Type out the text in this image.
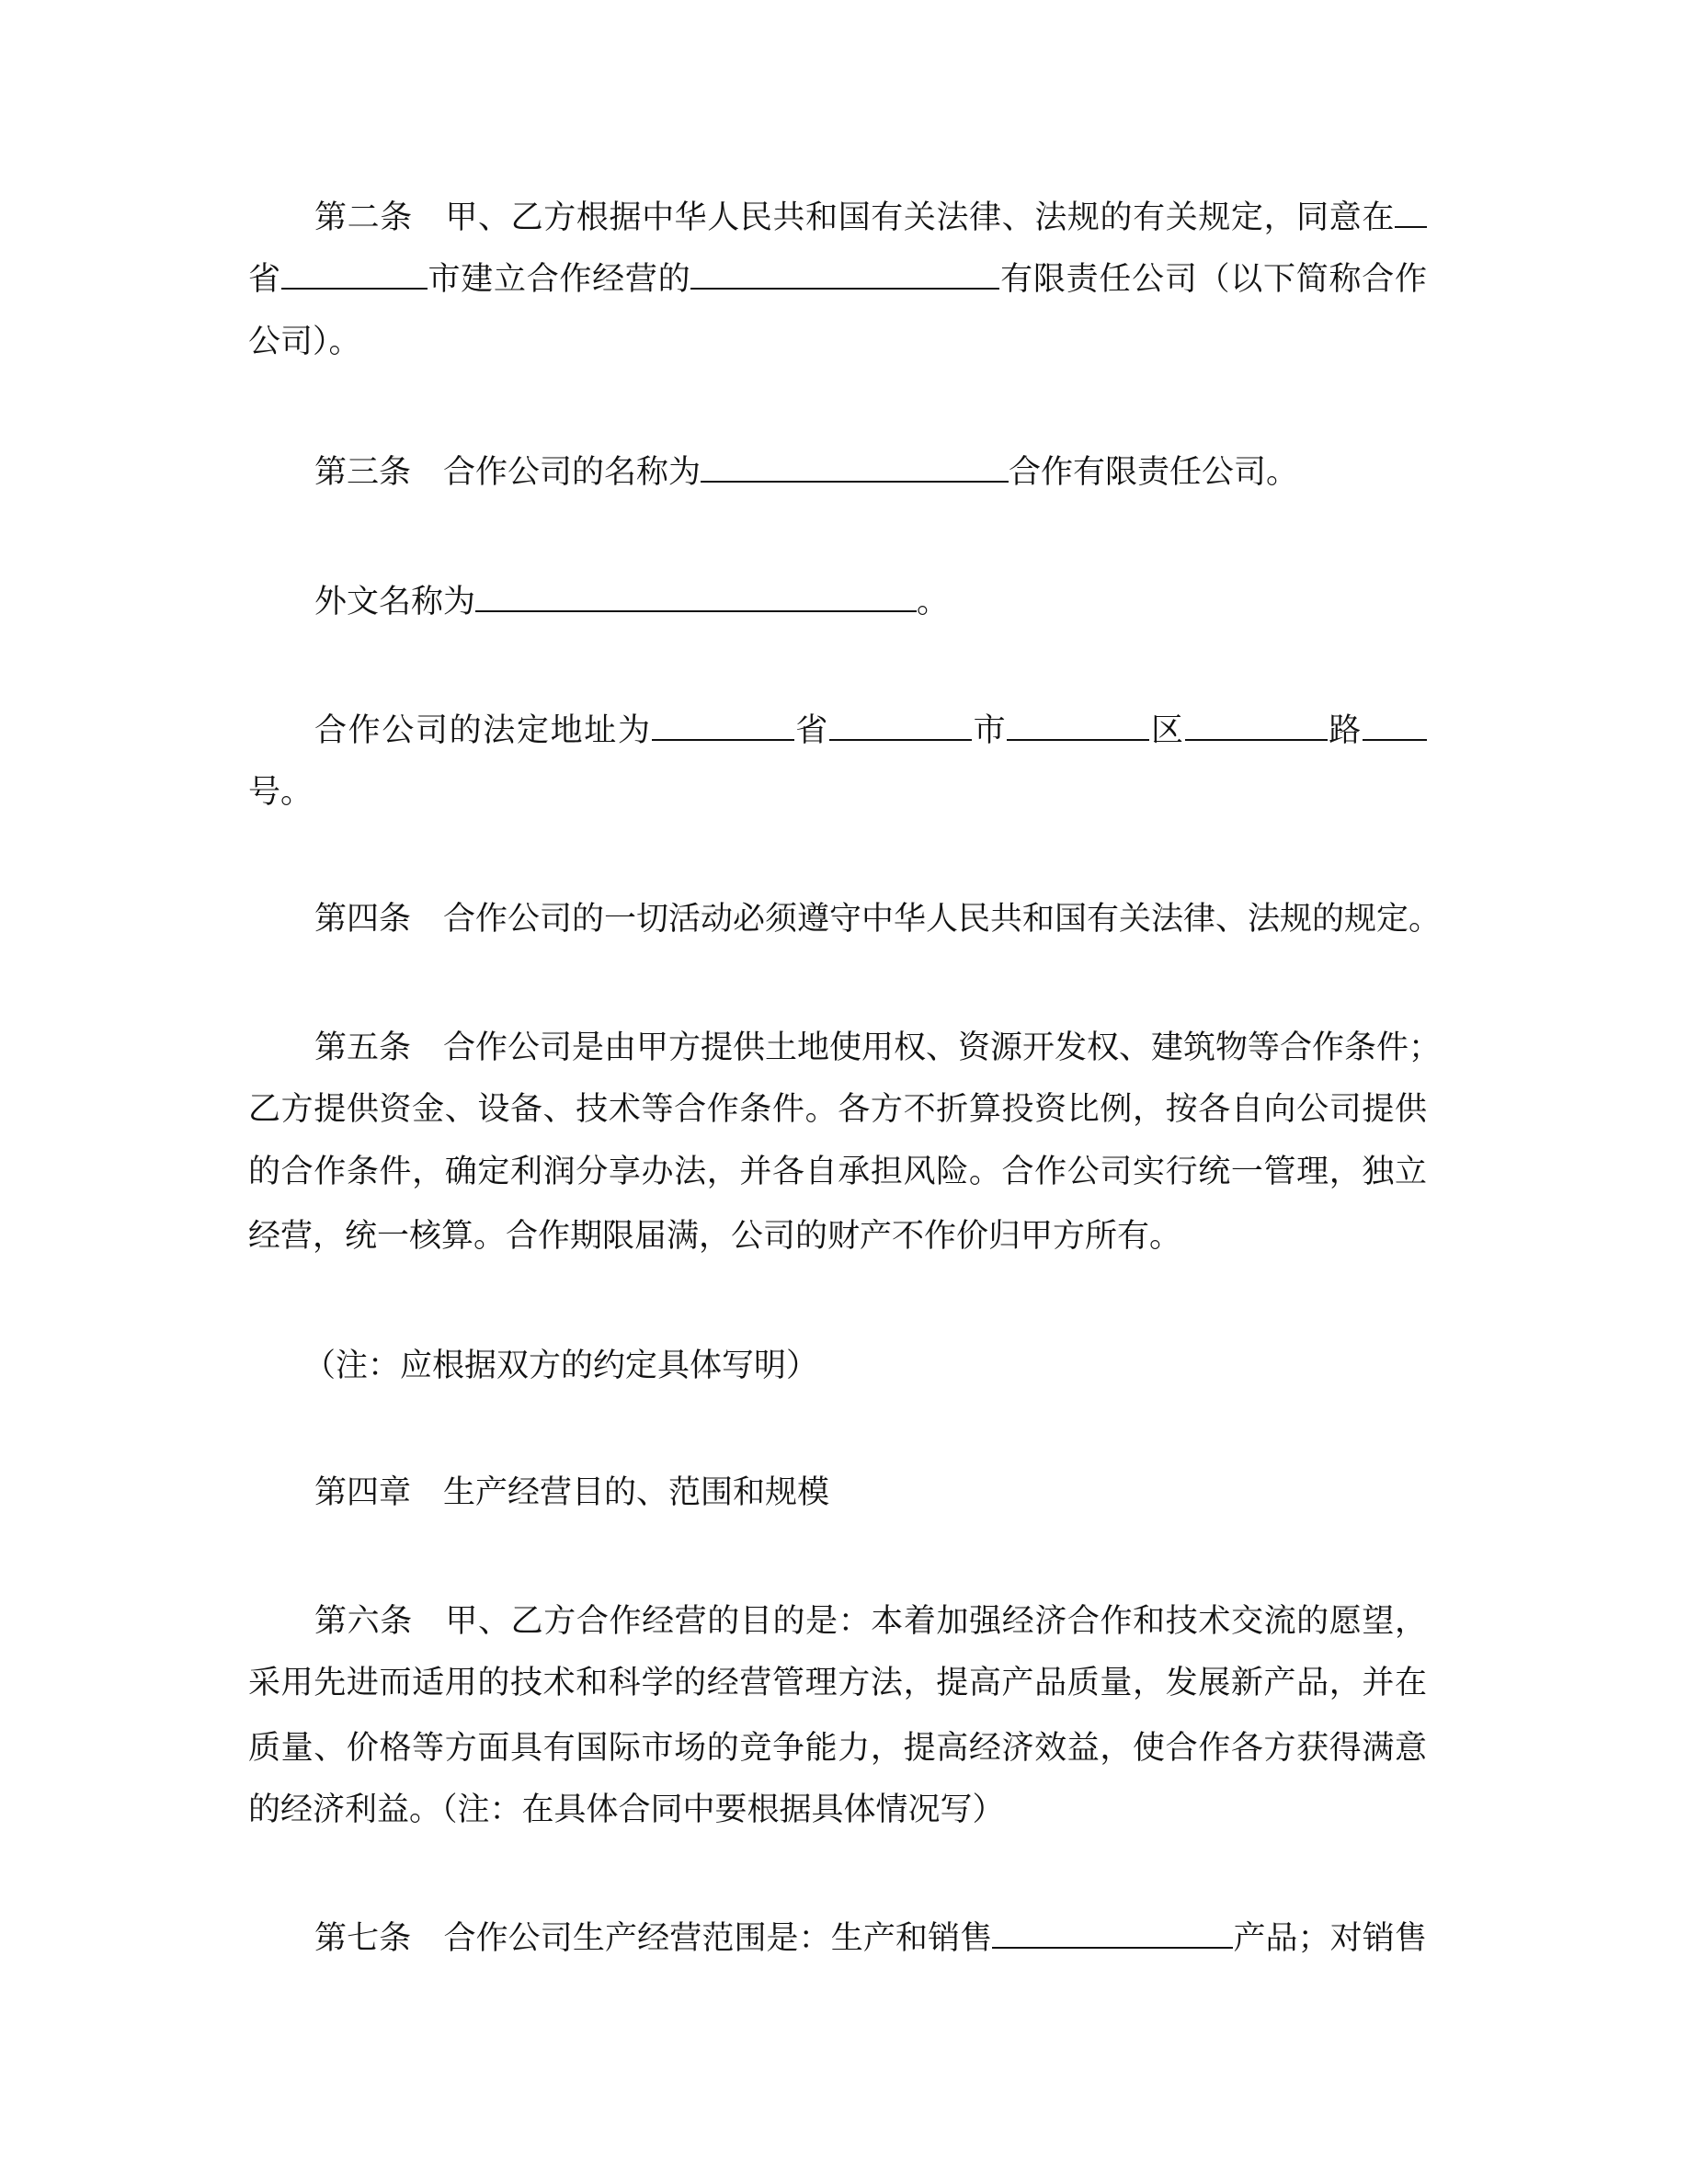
第二条 甲、乙方根据中华人民共和国有关法律、法规的有关规定，同意在
省	市建立合作经营的	有限责任公司（以下简称合作
公司）。
第三条 合作公司的名称为	合作有限责任公司。
外文名称为	。
合作公司的法定地址为	省	市	区	路
号。
第四条 合作公司的一切活动必须遵守中华人民共和国有关法律、法规的规定。
第五条 合作公司是由甲方提供土地使用权、资源开发权、建筑物等合作条件；
乙方提供资金、设备、技术等合作条件。各方不折算投资比例，按各自向公司提供
的合作条件，确定利润分享办法，并各自承担风险。合作公司实行统一管理，独立
经营，统一核算。合作期限届满，公司的财产不作价归甲方所有。
（注：应根据双方的约定具体写明）
第四章 生产经营目的、范围和规模
第六条 甲、乙方合作经营的目的是：本着加强经济合作和技术交流的愿望，
采用先进而适用的技术和科学的经营管理方法，提高产品质量，发展新产品，并在
质量、价格等方面具有国际市场的竞争能力，提高经济效益，使合作各方获得满意
的经济利益。（注：在具体合同中要根据具体情况写）
第七条 合作公司生产经营范围是：生产和销售	产品；对销售
